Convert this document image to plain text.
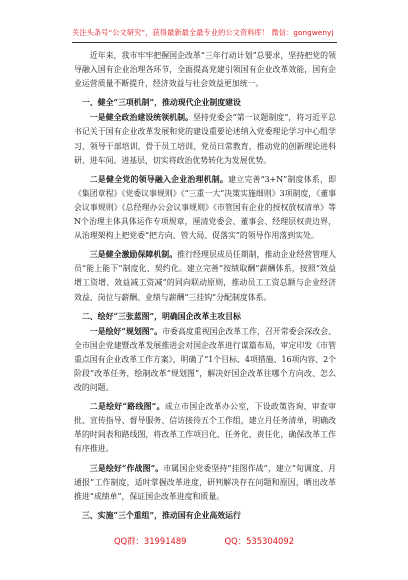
关注头条号“公文研究”，获得最新最全最专业的公文资料库！ 微信：gongwenyj

近年来，我市牢牢把握国企改革“三年行动计划”总要求，坚持把党的领导融入国有企业治理各环节，全面提高党建引领国有企业改革效能，国有企业运营质量不断提升，经济效益与社会效益更加统一。

一、健全“三项机制”，推动现代企业制度建设

一是健全政治建设统领机制。坚持党委会“第一议题制度”，将习近平总书记关于国有企业改革发展和党的建设重要论述纳入党委理论学习中心组学习、领导干部培训、骨干员工培训、党员日常教育，推动党的创新理论进科研、进车间、进基层，切实将政治优势转化为发展优势。

二是健全党的领导融入企业治理机制。建立完善“3+N”制度体系，即《集团章程》《党委议事规则》《“三重一大”决策实施细则》3项制度，《董事会议事规则》《总经理办公会议事规则》《市管国有企业的授权放权清单》等N个治理主体具体运作专项规章，厘清党委会、董事会、经理层权责边界，从治理架构上把党委“把方向、管大局、促落实”的领导作用落到实处。

三是健全激励保障机制。推行经理层成员任期制，推动企业经营管理人员“能上能下”制度化、契约化。建立完善“按绩取酬”薪酬体系，按照“效益增工资增、效益减工资减”的同向联动原则，推动员工工资总额与企业经济效益、岗位与薪酬、业绩与薪酬“三挂钩”分配制度体系。

二、绘好“三张蓝图”，明确国企改革主攻目标

一是绘好“规划图”。市委高度重视国企改革工作，召开常委会深改会、全市国企党建暨改革发展推进会对国企改革进行谋篇布局，审定印发《市管重点国有企业改革工作方案》，明确了“1个目标、4项措施、16项内容、2个阶段”改革任务，绘制改革“规划图”，解决好国企改革往哪个方向改、怎么改的问题。

二是绘好“路线图”。成立市国企改革办公室，下设政策咨询、审查审批、宣传指导、督导服务、信访接待五个工作组，建立月任务清单，明确改革的时间表和路线图，将改革工作项目化、任务化、责任化，确保改革工作有序推进。

三是绘好“作战图”。市属国企党委坚持“挂图作战”，建立“旬调度、月通报”工作制度，适时掌握改革进度，研判解决存在问题和原因，晒出改革推进“成绩单”，保证国企改革进度和质量。

三、实施“三个重组”，推动国有企业高效运行

QQ群：31991489	QQ：535304092
